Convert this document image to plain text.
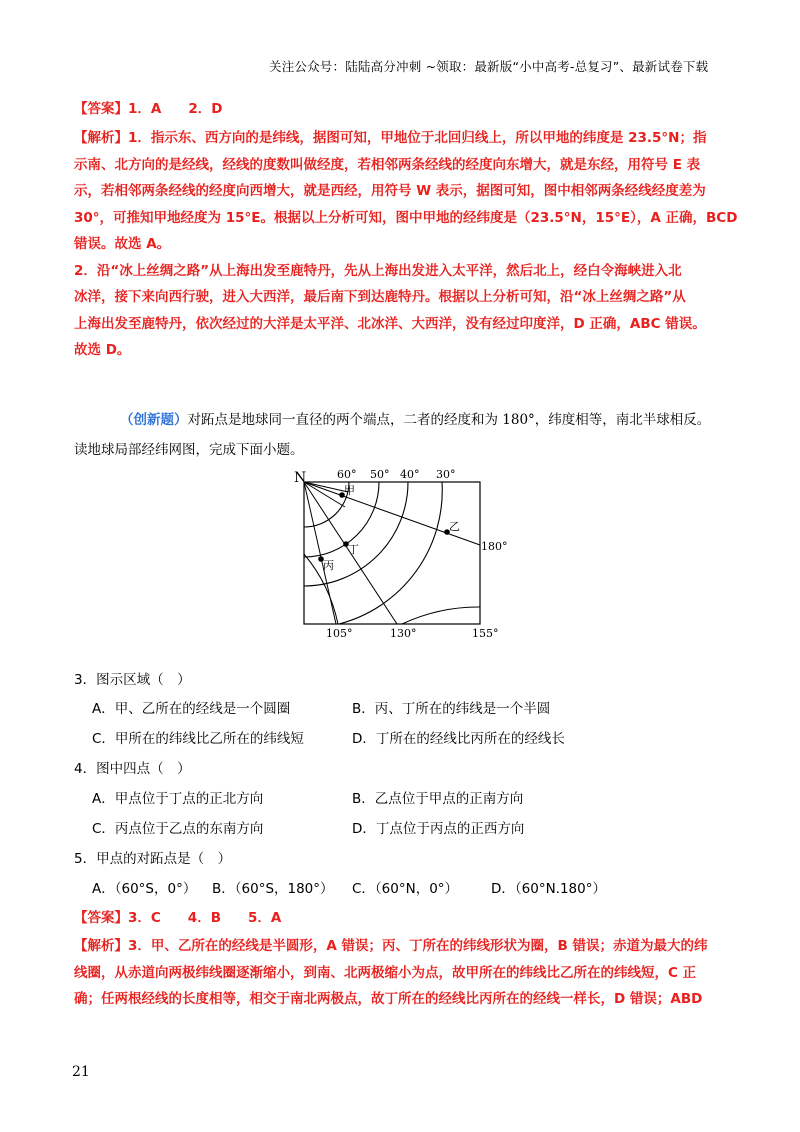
关注公众号：陆陆高分冲刺 ~领取：最新版“小中高考-总复习”、最新试卷下载
【答案】1．A　　2．D

【解析】1．指示东、西方向的是纬线，据图可知，甲地位于北回归线上，所以甲地的纬度是 23.5°N；指

示南、北方向的是经线，经线的度数叫做经度，若相邻两条经线的经度向东增大，就是东经，用符号 E 表

示，若相邻两条经线的经度向西增大，就是西经，用符号 W 表示，据图可知，图中相邻两条经线经度差为

30°，可推知甲地经度为 15°E。根据以上分析可知，图中甲地的经纬度是（23.5°N，15°E），A 正确，BCD

错误。故选 A。

2．沿“冰上丝绸之路”从上海出发至鹿特丹，先从上海出发进入太平洋，然后北上，经白令海峡进入北

冰洋，接下来向西行驶，进入大西洋，最后南下到达鹿特丹。根据以上分析可知，沿“冰上丝绸之路”从

上海出发至鹿特丹，依次经过的大洋是太平洋、北冰洋、大西洋，没有经过印度洋，D 正确，ABC 错误。

故选 D。

（创新题）对跖点是地球同一直径的两个端点，二者的经度和为 180°，纬度相等，南北半球相反。
读地球局部经纬网图，完成下面小题。
N	60° 50° 40° 30°
105°	130°	155°
180°
甲
乙
丙
丁
3．图示区域（　）
A．甲、乙所在的经线是一个圆圈	B．丙、丁所在的纬线是一个半圆
C．甲所在的纬线比乙所在的纬线短	D．丁所在的经线比丙所在的经线长
4．图中四点（　）
A．甲点位于丁点的正北方向	B．乙点位于甲点的正南方向
C．丙点位于乙点的东南方向	D．丁点位于丙点的正西方向
5．甲点的对跖点是（　）
A．（60°S，0°） B．（60°S，180°） C．（60°N，0°） D．（60°N.180°）
【答案】3．C　　4．B　　5．A

【解析】3．甲、乙所在的经线是半圆形，A 错误；丙、丁所在的纬线形状为圈，B 错误；赤道为最大的纬

线圈，从赤道向两极纬线圈逐渐缩小，到南、北两极缩小为点，故甲所在的纬线比乙所在的纬线短，C 正

确；任两根经线的长度相等，相交于南北两极点，故丁所在的经线比丙所在的经线一样长，D 错误；ABD

21
